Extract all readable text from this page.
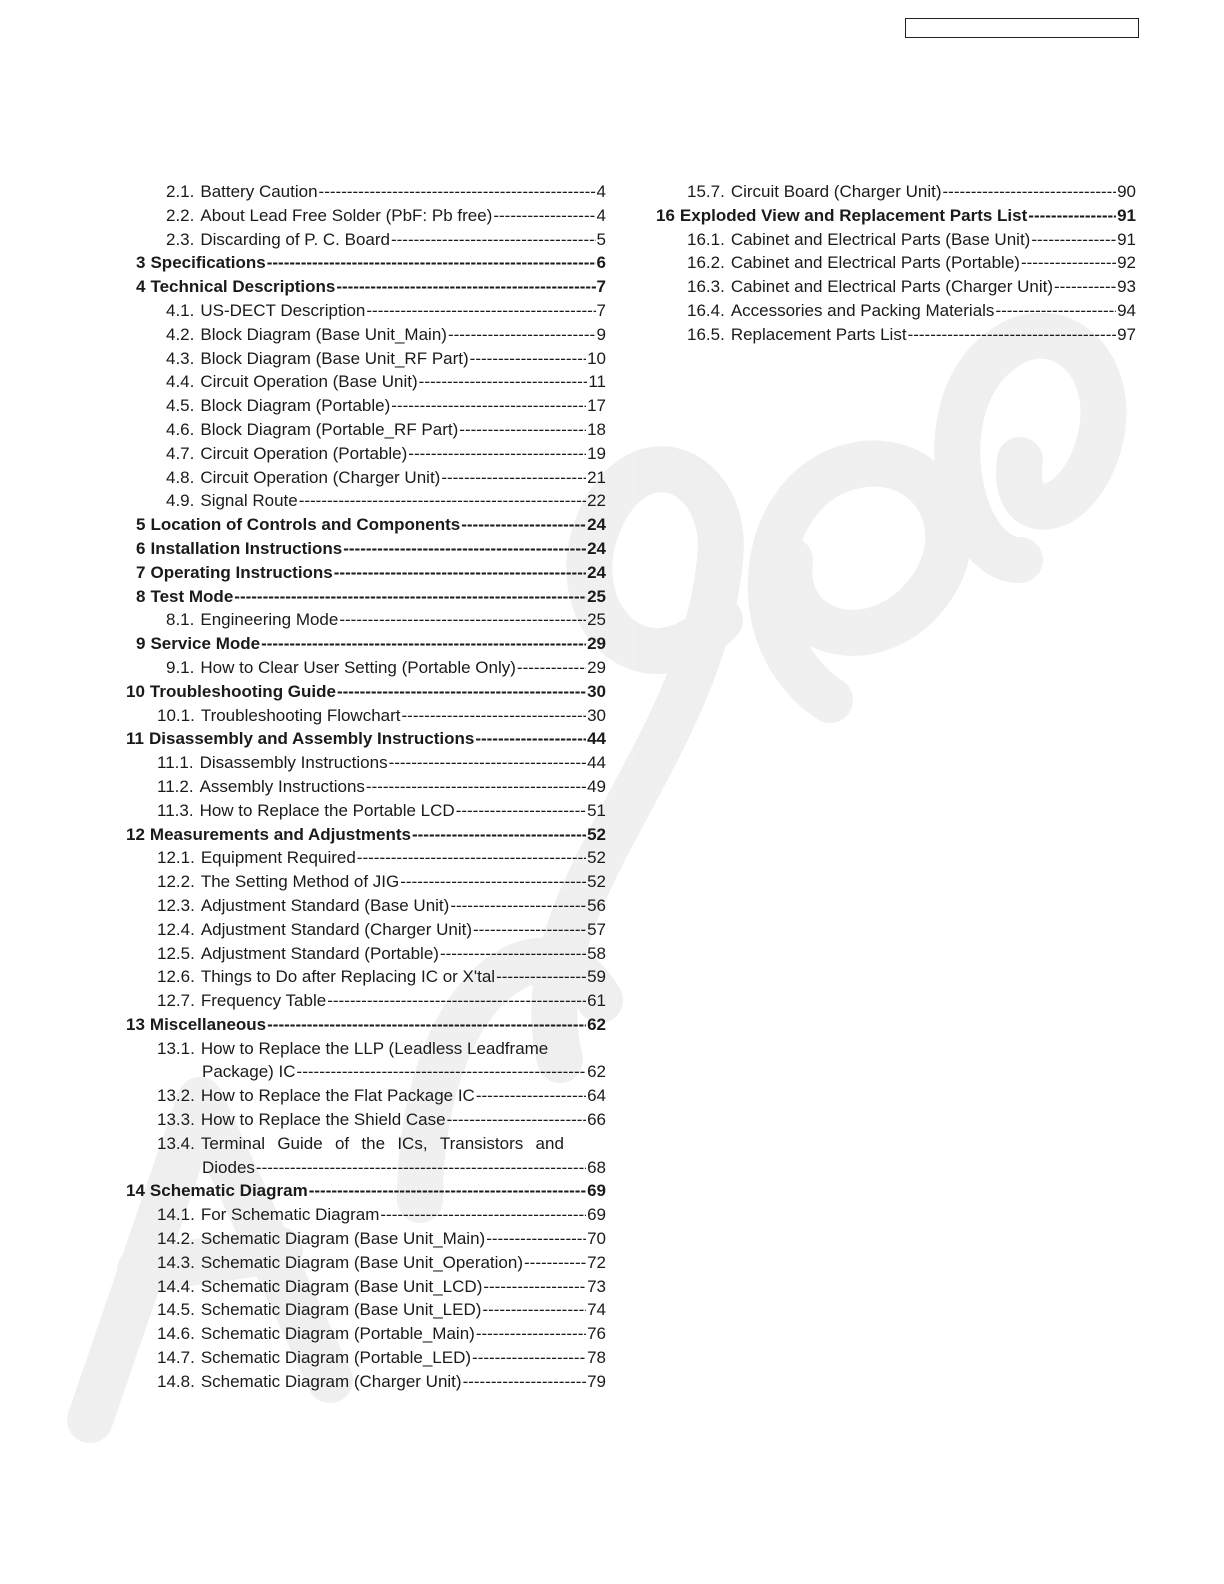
2.1. Battery Caution -----	4
2.2. About Lead Free Solder (PbF: Pb free) -----	4
2.3. Discarding of P. C. Board -----	5
3 Specifications -----	6
4 Technical Descriptions -----	7
4.1. US-DECT Description -----	7
4.2. Block Diagram (Base Unit_Main) -----	9
4.3. Block Diagram (Base Unit_RF Part) -----	10
4.4. Circuit Operation (Base Unit) -----	11
4.5. Block Diagram (Portable) -----	17
4.6. Block Diagram (Portable_RF Part) -----	18
4.7. Circuit Operation (Portable) -----	19
4.8. Circuit Operation (Charger Unit) -----	21
4.9. Signal Route -----	22
5 Location of Controls and Components -----	24
6 Installation Instructions -----	24
7 Operating Instructions -----	24
8 Test Mode -----	25
8.1. Engineering Mode -----	25
9 Service Mode -----	29
9.1. How to Clear User Setting (Portable Only) -----	29
10 Troubleshooting Guide -----	30
10.1. Troubleshooting Flowchart -----	30
11 Disassembly and Assembly Instructions -----	44
11.1. Disassembly Instructions -----	44
11.2. Assembly Instructions -----	49
11.3. How to Replace the Portable LCD -----	51
12 Measurements and Adjustments -----	52
12.1. Equipment Required -----	52
12.2. The Setting Method of JIG -----	52
12.3. Adjustment Standard (Base Unit) -----	56
12.4. Adjustment Standard (Charger Unit) -----	57
12.5. Adjustment Standard (Portable) -----	58
12.6. Things to Do after Replacing IC or X'tal -----	59
12.7. Frequency Table -----	61
13 Miscellaneous -----	62
13.1. How to Replace the LLP (Leadless Leadframe
Package) IC -----	62
13.2. How to Replace the Flat Package IC -----	64
13.3. How to Replace the Shield Case -----	66
13.4. Terminal Guide of the ICs, Transistors and
Diodes -----	68
14 Schematic Diagram -----	69
14.1. For Schematic Diagram -----	69
14.2. Schematic Diagram (Base Unit_Main) -----	70
14.3. Schematic Diagram (Base Unit_Operation) -----	72
14.4. Schematic Diagram (Base Unit_LCD) -----	73
14.5. Schematic Diagram (Base Unit_LED) -----	74
14.6. Schematic Diagram (Portable_Main) -----	76
14.7. Schematic Diagram (Portable_LED) -----	78
14.8. Schematic Diagram (Charger Unit) -----	79
15.7. Circuit Board (Charger Unit) -----	90
16 Exploded View and Replacement Parts List -----	91
16.1. Cabinet and Electrical Parts (Base Unit) -----	91
16.2. Cabinet and Electrical Parts (Portable) -----	92
16.3. Cabinet and Electrical Parts (Charger Unit) -----	93
16.4. Accessories and Packing Materials -----	94
16.5. Replacement Parts List -----	97
